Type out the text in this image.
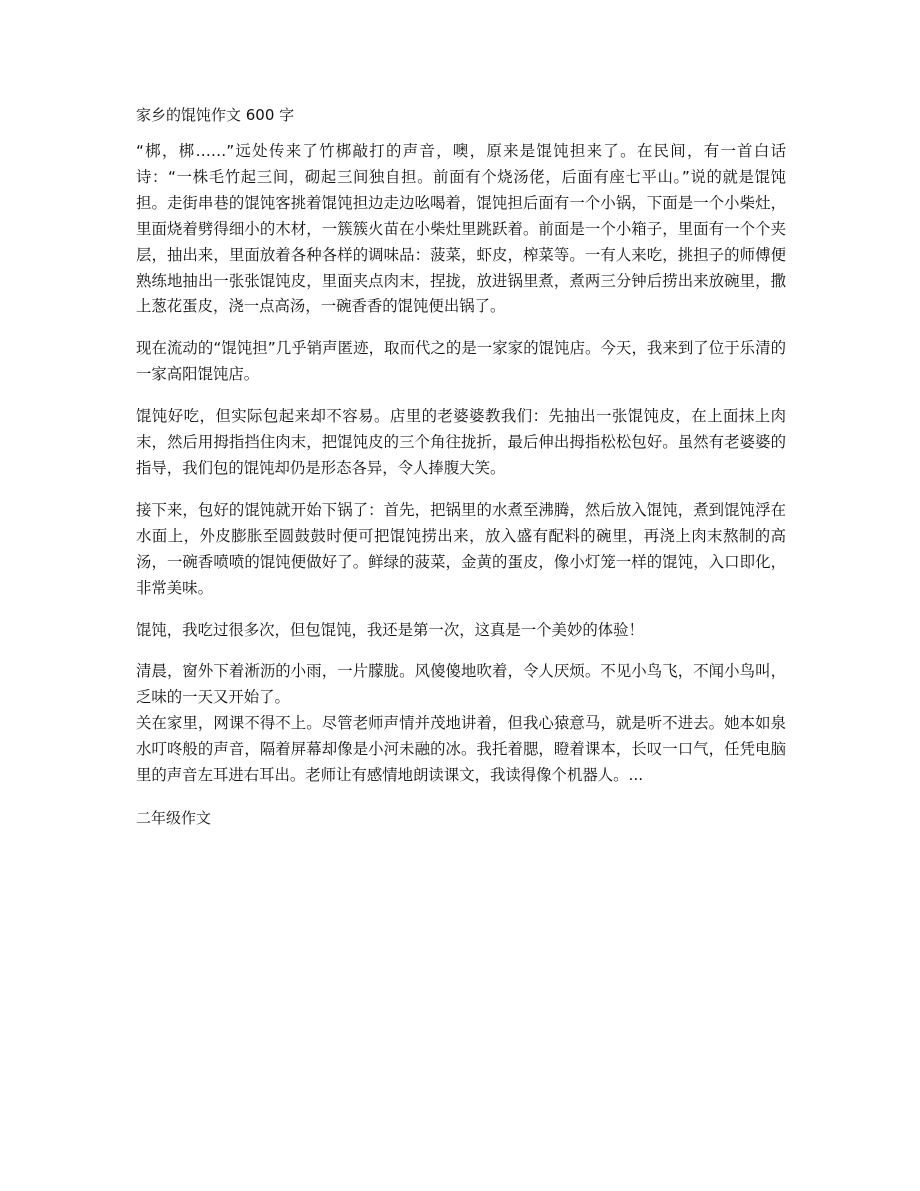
家乡的馄饨作文 600 字

“梆，梆……”远处传来了竹梆敲打的声音，噢，原来是馄饨担来了。在民间，有一首白话诗：“一株毛竹起三间，砌起三间独自担。前面有个烧汤佬，后面有座七平山。”说的就是馄饨担。走街串巷的馄饨客挑着馄饨担边走边吆喝着，馄饨担后面有一个小锅，下面是一个小柴灶，里面烧着劈得细小的木材，一簇簇火苗在小柴灶里跳跃着。前面是一个小箱子，里面有一个个夹层，抽出来，里面放着各种各样的调味品：菠菜，虾皮，榨菜等。一有人来吃，挑担子的师傅便熟练地抽出一张张馄饨皮，里面夹点肉末，捏拢，放进锅里煮，煮两三分钟后捞出来放碗里，撒上葱花蛋皮，浇一点高汤，一碗香香的馄饨便出锅了。

现在流动的“馄饨担”几乎销声匿迹，取而代之的是一家家的馄饨店。今天，我来到了位于乐清的一家高阳馄饨店。

馄饨好吃，但实际包起来却不容易。店里的老婆婆教我们：先抽出一张馄饨皮，在上面抹上肉末，然后用拇指挡住肉末，把馄饨皮的三个角往拢折，最后伸出拇指松松包好。虽然有老婆婆的指导，我们包的馄饨却仍是形态各异，令人捧腹大笑。

接下来，包好的馄饨就开始下锅了：首先，把锅里的水煮至沸腾，然后放入馄饨，煮到馄饨浮在水面上，外皮膨胀至圆鼓鼓时便可把馄饨捞出来，放入盛有配料的碗里，再浇上肉末熬制的高汤，一碗香喷喷的馄饨便做好了。鲜绿的菠菜，金黄的蛋皮，像小灯笼一样的馄饨，入口即化，非常美味。

馄饨，我吃过很多次，但包馄饨，我还是第一次，这真是一个美妙的体验！

清晨，窗外下着淅沥的小雨，一片朦胧。风傻傻地吹着，令人厌烦。不见小鸟飞，不闻小鸟叫，乏味的一天又开始了。

关在家里，网课不得不上。尽管老师声情并茂地讲着，但我心猿意马，就是听不进去。她本如泉水叮咚般的声音，隔着屏幕却像是小河未融的冰。我托着腮，瞪着课本，长叹一口气，任凭电脑里的声音左耳进右耳出。老师让有感情地朗读课文，我读得像个机器人。...

二年级作文
